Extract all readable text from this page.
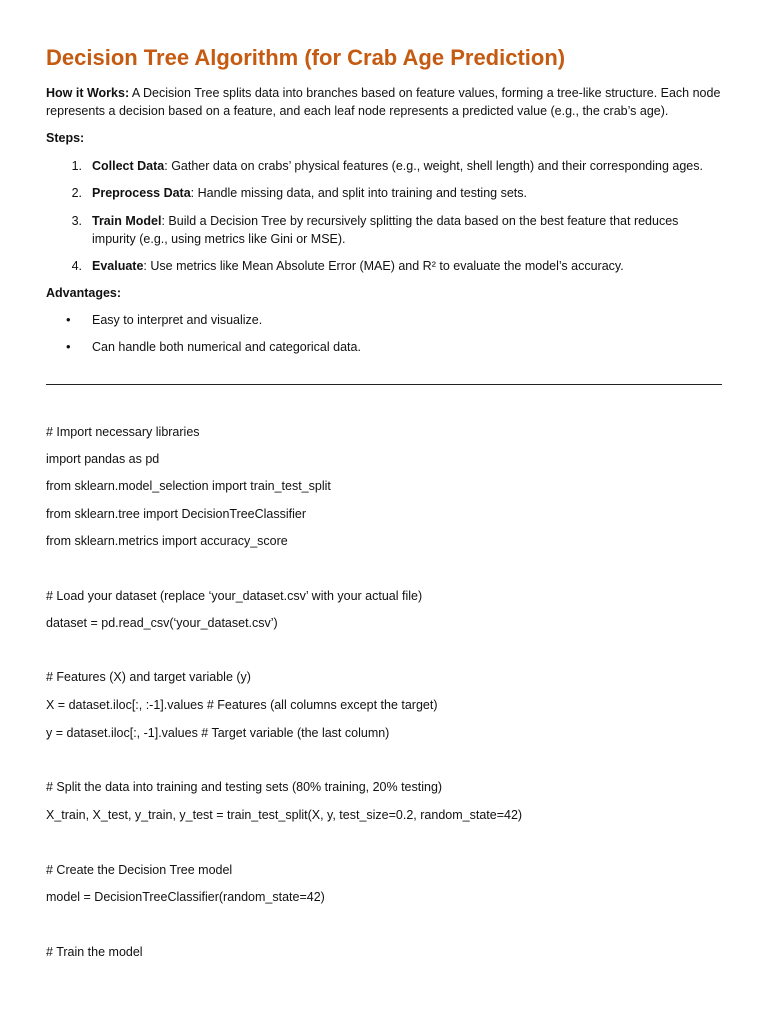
Decision Tree Algorithm (for Crab Age Prediction)
How it Works: A Decision Tree splits data into branches based on feature values, forming a tree-like structure. Each node represents a decision based on a feature, and each leaf node represents a predicted value (e.g., the crab’s age).
Steps:
1. Collect Data: Gather data on crabs’ physical features (e.g., weight, shell length) and their corresponding ages.
2. Preprocess Data: Handle missing data, and split into training and testing sets.
3. Train Model: Build a Decision Tree by recursively splitting the data based on the best feature that reduces impurity (e.g., using metrics like Gini or MSE).
4. Evaluate: Use metrics like Mean Absolute Error (MAE) and R² to evaluate the model’s accuracy.
Advantages:
• Easy to interpret and visualize.
• Can handle both numerical and categorical data.
# Import necessary libraries
import pandas as pd
from sklearn.model_selection import train_test_split
from sklearn.tree import DecisionTreeClassifier
from sklearn.metrics import accuracy_score
# Load your dataset (replace ‘your_dataset.csv’ with your actual file)
dataset = pd.read_csv(‘your_dataset.csv’)
# Features (X) and target variable (y)
X = dataset.iloc[:, :-1].values # Features (all columns except the target)
y = dataset.iloc[:, -1].values # Target variable (the last column)
# Split the data into training and testing sets (80% training, 20% testing)
X_train, X_test, y_train, y_test = train_test_split(X, y, test_size=0.2, random_state=42)
# Create the Decision Tree model
model = DecisionTreeClassifier(random_state=42)
# Train the model
